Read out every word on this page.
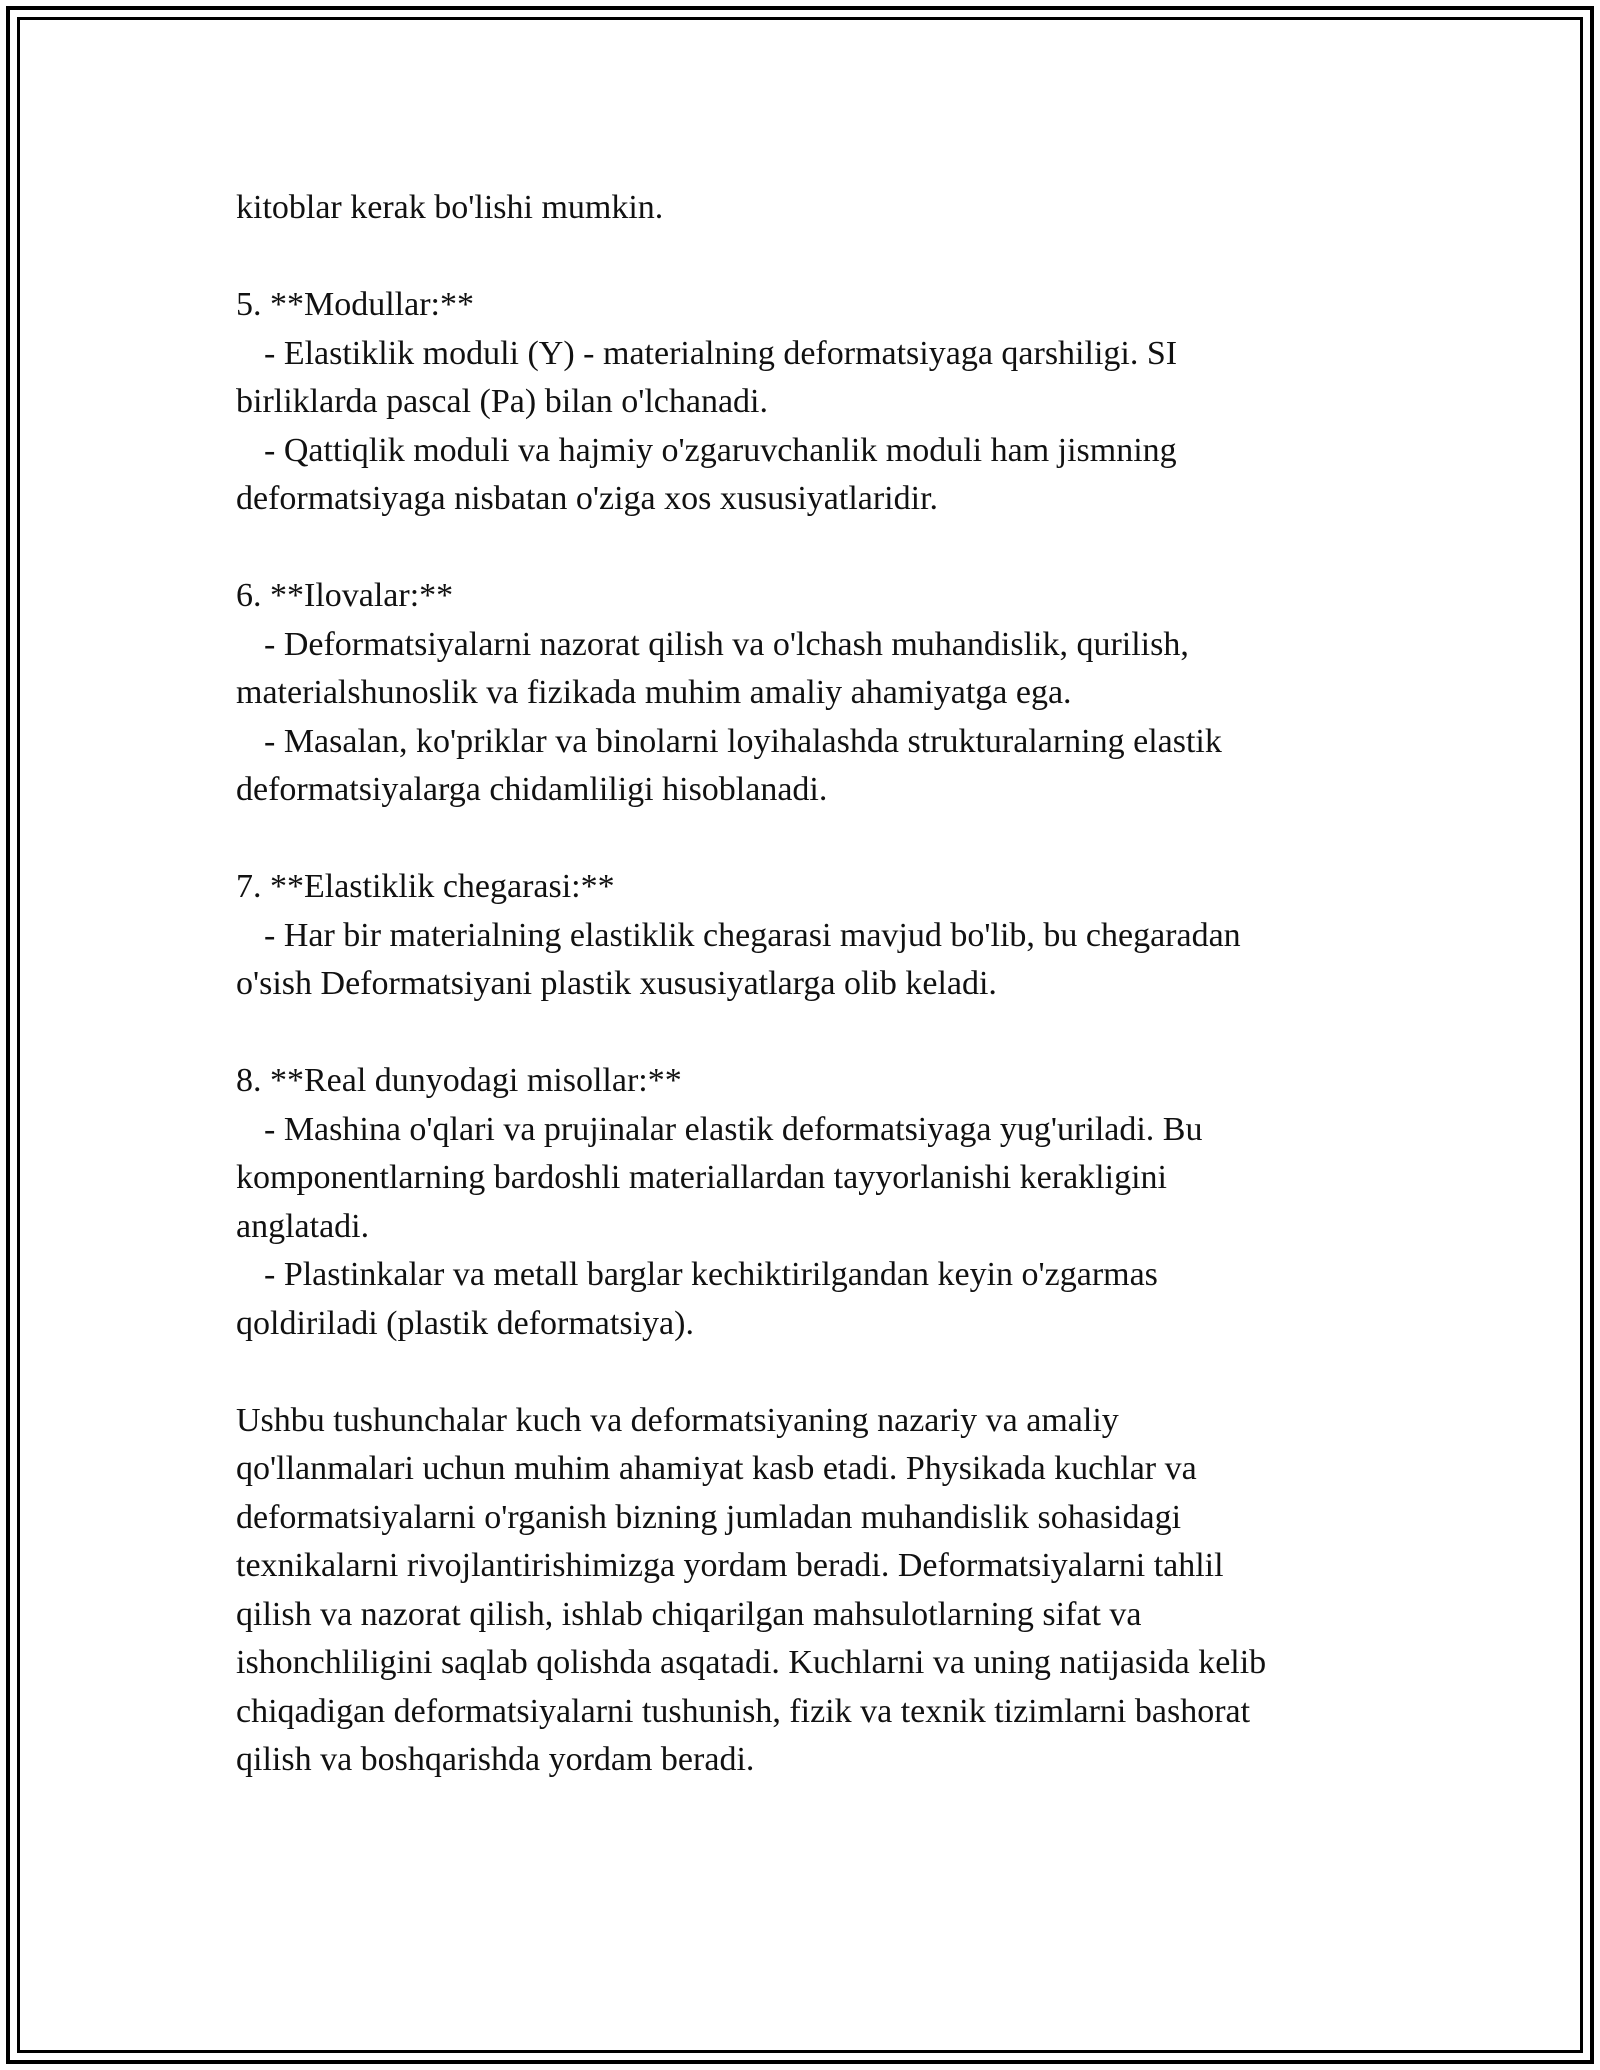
kitoblar kerak bo'lishi mumkin.

5. **Modullar:**

- Elastiklik moduli (Y) - materialning deformatsiyaga qarshiligi. SI

birliklarda pascal (Pa) bilan o'lchanadi.

- Qattiqlik moduli va hajmiy o'zgaruvchanlik moduli ham jismning

deformatsiyaga nisbatan o'ziga xos xususiyatlaridir.

6. **Ilovalar:**

- Deformatsiyalarni nazorat qilish va o'lchash muhandislik, qurilish,

materialshunoslik va fizikada muhim amaliy ahamiyatga ega.

- Masalan, ko'priklar va binolarni loyihalashda strukturalarning elastik

deformatsiyalarga chidamliligi hisoblanadi.

7. **Elastiklik chegarasi:**

- Har bir materialning elastiklik chegarasi mavjud bo'lib, bu chegaradan

o'sish Deformatsiyani plastik xususiyatlarga olib keladi.

8. **Real dunyodagi misollar:**

- Mashina o'qlari va prujinalar elastik deformatsiyaga yug'uriladi. Bu

komponentlarning bardoshli materiallardan tayyorlanishi kerakligini

anglatadi.

- Plastinkalar va metall barglar kechiktirilgandan keyin o'zgarmas

qoldiriladi (plastik deformatsiya).

Ushbu tushunchalar kuch va deformatsiyaning nazariy va amaliy

qo'llanmalari uchun muhim ahamiyat kasb etadi. Physikada kuchlar va

deformatsiyalarni o'rganish bizning jumladan muhandislik sohasidagi

texnikalarni rivojlantirishimizga yordam beradi. Deformatsiyalarni tahlil

qilish va nazorat qilish, ishlab chiqarilgan mahsulotlarning sifat va

ishonchliligini saqlab qolishda asqatadi. Kuchlarni va uning natijasida kelib

chiqadigan deformatsiyalarni tushunish, fizik va texnik tizimlarni bashorat

qilish va boshqarishda yordam beradi.
